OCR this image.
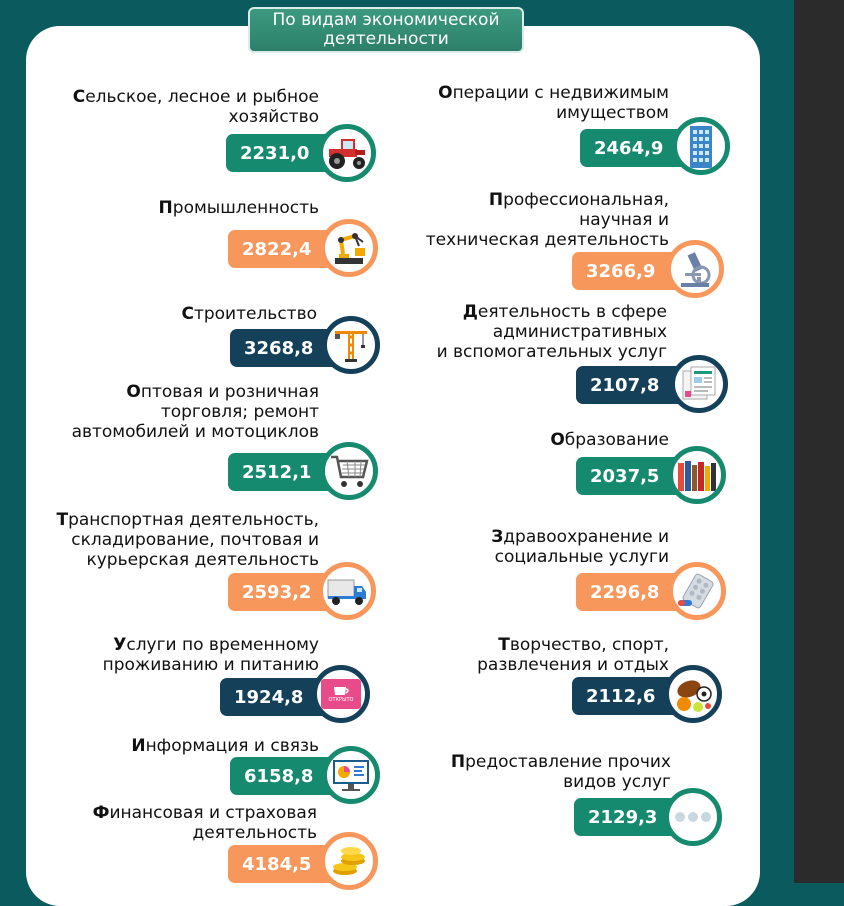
По видам экономической деятельности
Сельское, лесное и рыбное
хозяйство
2231,0
Промышленность
2822,4
Строительство
3268,8
Оптовая и розничная
торговля; ремонт
автомобилей и мотоциклов
2512,1
Транспортная деятельность,
складирование, почтовая и
курьерская деятельность
2593,2
Услуги по временному
проживанию и питанию
1924,8	ОТКРЫТО
Информация и связь
6158,8
Финансовая и страховая
деятельность
4184,5
Операции с недвижимым
имуществом
2464,9
Профессиональная,
научная и
техническая деятельность
3266,9
Деятельность в сфере
административных
и вспомогательных услуг
2107,8
Образование
2037,5
Здравоохранение и
социальные услуги
2296,8
Творчество, спорт,
развлечения и отдых
2112,6
Предоставление прочих
видов услуг
2129,3
